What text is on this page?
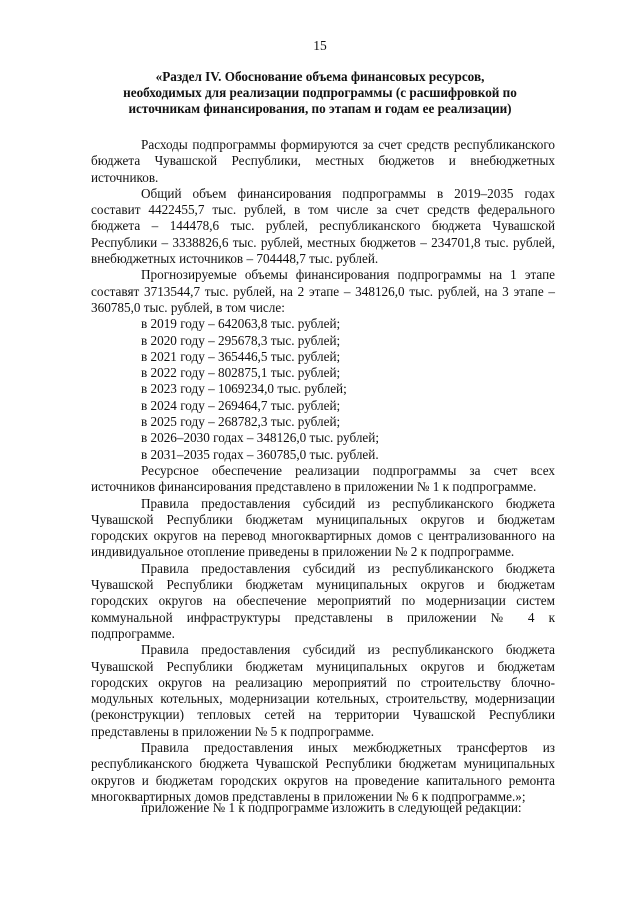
15
«Раздел IV. Обоснование объема финансовых ресурсов, необходимых для реализации подпрограммы (с расшифровкой по источникам финансирования, по этапам и годам ее реализации)

Расходы подпрограммы формируются за счет средств республиканского бюджета Чувашской Республики, местных бюджетов и внебюджетных источников.

Общий объем финансирования подпрограммы в 2019–2035 годах составит 4422455,7 тыс. рублей, в том числе за счет средств федерального бюджета – 144478,6 тыс. рублей, республиканского бюджета Чувашской Республики – 3338826,6 тыс. рублей, местных бюджетов – 234701,8 тыс. рублей, внебюджетных источников – 704448,7 тыс. рублей.

Прогнозируемые объемы финансирования подпрограммы на 1 этапе составят 3713544,7 тыс. рублей, на 2 этапе – 348126,0 тыс. рублей, на 3 этапе – 360785,0 тыс. рублей, в том числе:

в 2019 году – 642063,8 тыс. рублей;

в 2020 году – 295678,3 тыс. рублей;

в 2021 году – 365446,5 тыс. рублей;

в 2022 году – 802875,1 тыс. рублей;

в 2023 году – 1069234,0 тыс. рублей;

в 2024 году – 269464,7 тыс. рублей;

в 2025 году – 268782,3 тыс. рублей;

в 2026–2030 годах – 348126,0 тыс. рублей;

в 2031–2035 годах – 360785,0 тыс. рублей.

Ресурсное обеспечение реализации подпрограммы за счет всех источников финансирования представлено в приложении № 1 к подпрограмме.

Правила предоставления субсидий из республиканского бюджета Чувашской Республики бюджетам муниципальных округов и бюджетам городских округов на перевод многоквартирных домов с централизованного на индивидуальное отопление приведены в приложении № 2 к подпрограмме.

Правила предоставления субсидий из республиканского бюджета Чувашской Республики бюджетам муниципальных округов и бюджетам городских округов на обеспечение мероприятий по модернизации систем коммунальной инфраструктуры представлены в приложении № 4 к подпрограмме.

Правила предоставления субсидий из республиканского бюджета Чувашской Республики бюджетам муниципальных округов и бюджетам городских округов на реализацию мероприятий по строительству блочно-модульных котельных, модернизации котельных, строительству, модернизации (реконструкции) тепловых сетей на территории Чувашской Республики представлены в приложении № 5 к подпрограмме.

Правила предоставления иных межбюджетных трансфертов из республиканского бюджета Чувашской Республики бюджетам муниципальных округов и бюджетам городских округов на проведение капитального ремонта многоквартирных домов представлены в приложении № 6 к подпрограмме.»;

приложение № 1 к подпрограмме изложить в следующей редакции:
